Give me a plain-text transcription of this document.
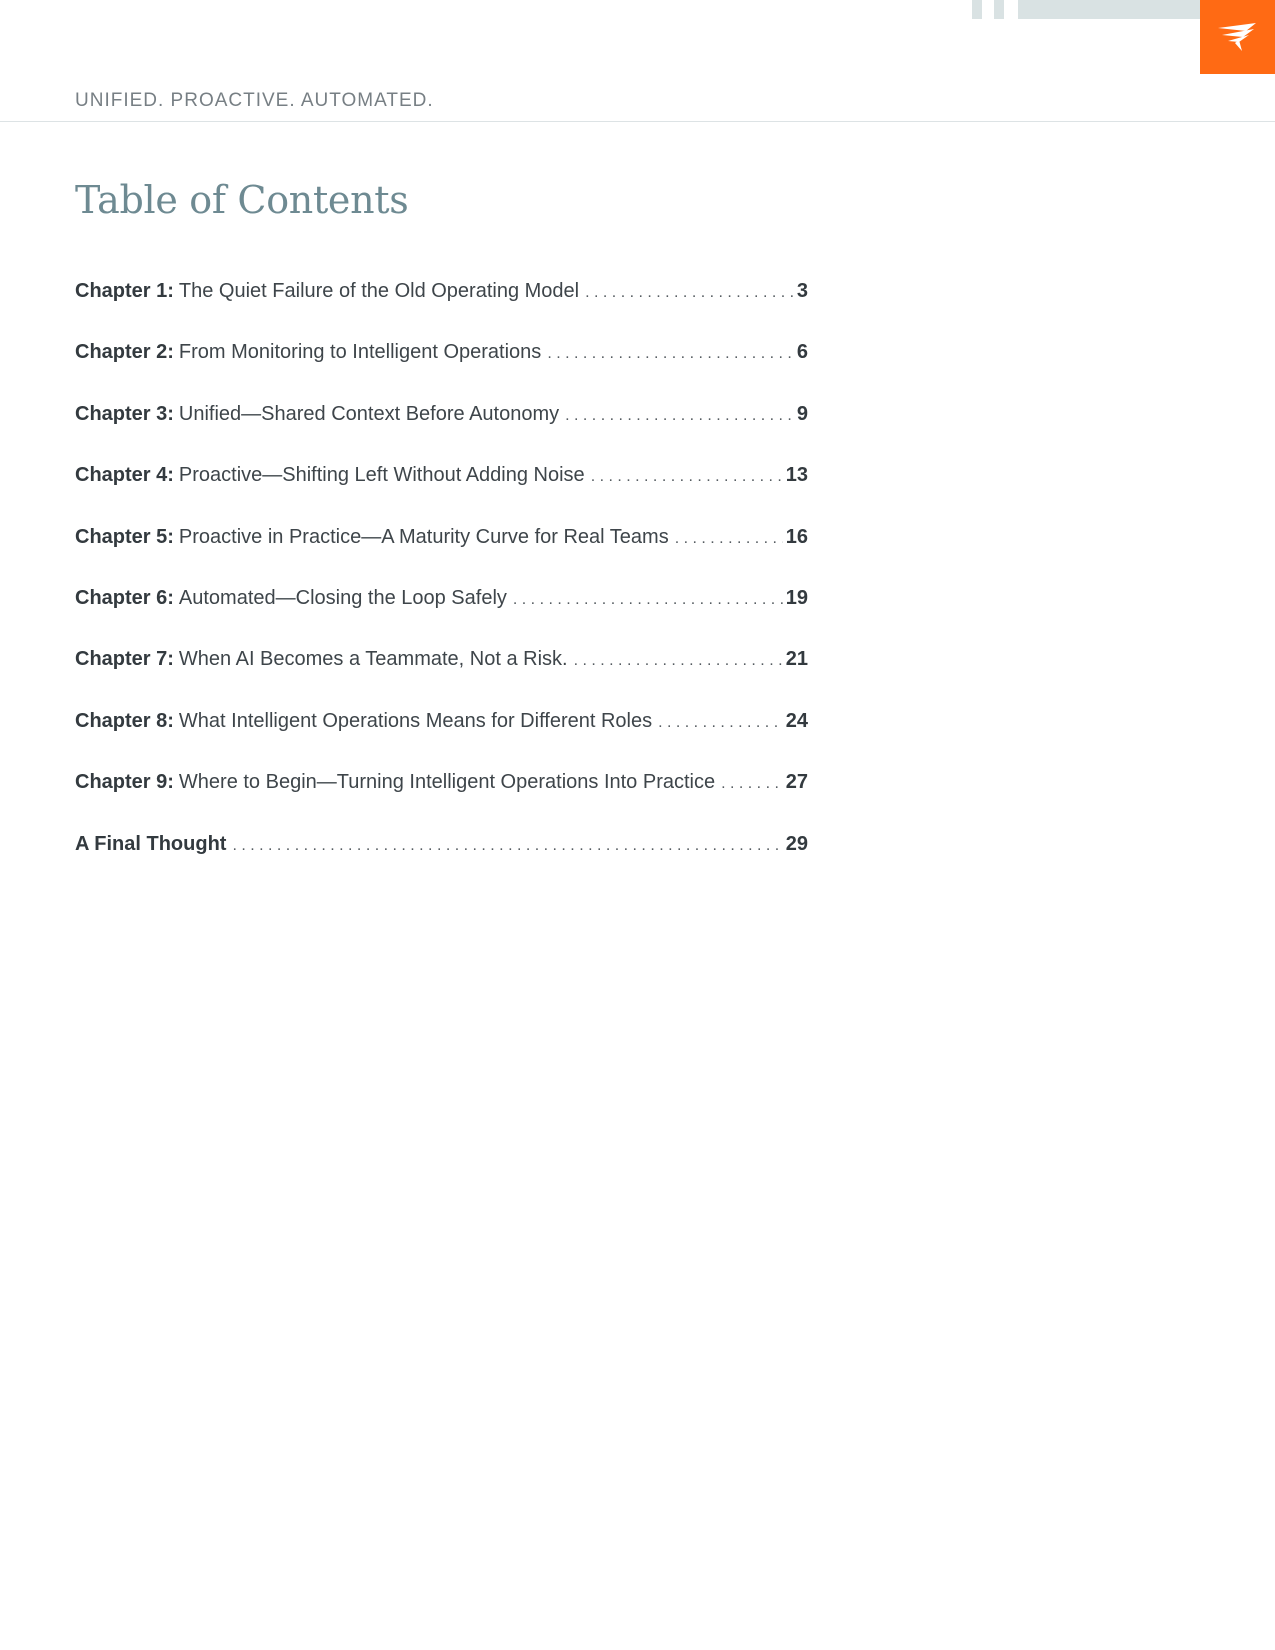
UNIFIED. PROACTIVE. AUTOMATED.
Table of Contents
Chapter 1: The Quiet Failure of the Old Operating Model . . .	3
Chapter 2: From Monitoring to Intelligent Operations . . .	6
Chapter 3: Unified—Shared Context Before Autonomy . . .	9
Chapter 4: Proactive—Shifting Left Without Adding Noise . . .	13
Chapter 5: Proactive in Practice—A Maturity Curve for Real Teams . . .	16
Chapter 6: Automated—Closing the Loop Safely . . .	19
Chapter 7: When AI Becomes a Teammate, Not a Risk. . . .	21
Chapter 8: What Intelligent Operations Means for Different Roles . . .	24
Chapter 9: Where to Begin—Turning Intelligent Operations Into Practice . . .	27
A Final Thought . . .	29
